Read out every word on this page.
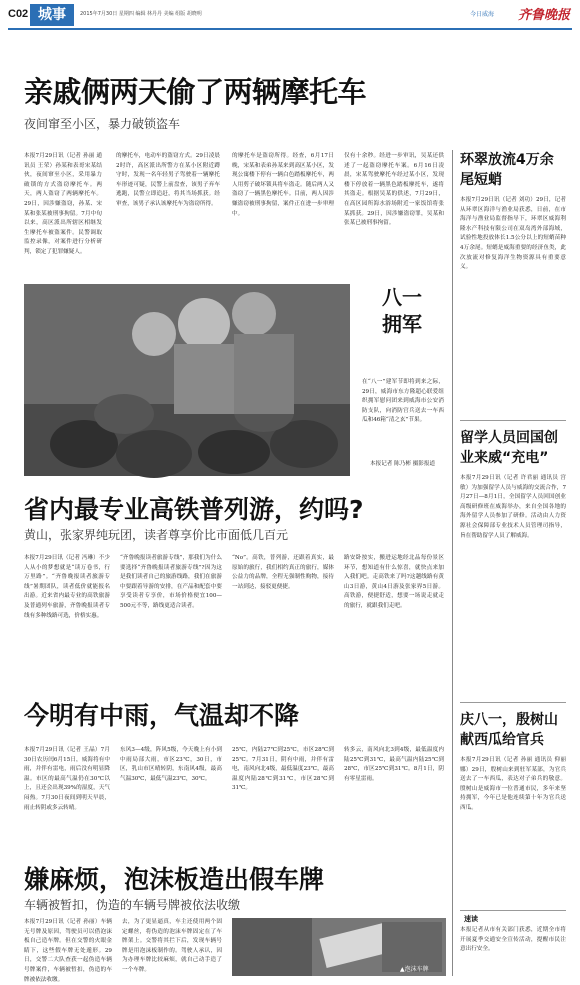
C02 城事	2015年7月30日 星期四 编辑 林丹丹 美编 组版 胡晓明	今日威海 齐鲁晚报
亲戚俩两天偷了两辆摩托车
夜间窜至小区，暴力破锁盗车
本报7月29日讯（记者 孙丽 通讯员 王荣）孙某和表哥宋某结伙，夜间窜至小区，采用暴力破锁的方式盗窃摩托车。两天，两人盗窃了两辆摩托车。29日，因涉嫌盗窃，孙某、宋某和张某被刑事拘留。7月中旬以来，高区派出所辖区相继发生摩托车被盗案件。民警调取监控录像，对案件进行分析研判，锁定了犯罪嫌疑人。
的摩托车，电动车的盗窃方式。29日凌晨2时许，高区派出所警方在某小区附近蹲守时，发现一名年轻男子驾驶着一辆摩托车形迹可疑，民警上前盘查，该男子弃车逃跑，民警立即追赶，将其当场抓获。经审查，该男子承认该摩托车为盗窃所得。
的摩托车是盗窃所得。经查，6月17日晚，宋某和表弟孙某来到高区某小区，发现公寓楼下停有一辆白色踏板摩托车，两人用剪子破坏锁具将车盗走。随后两人又盗窃了一辆黑色摩托车。目前，两人因涉嫌盗窃被刑事拘留，案件正在进一步审理中。
仅有十余秒。经进一步审讯，吴某还供述了一起盗窃摩托车案。6月16日凌晨，宋某驾驶摩托车经过某小区，发现楼下停放着一辆黑色踏板摩托车，遂将其盗走。根据吴某的供述，7月29日，在高区园所海水浴场附近一家饭馆将张某抓获。29日，因涉嫌盗窃罪，吴某和张某已被刑事拘留。
八一拥军
在“八一”建军节即将到来之际，29日，威海市东方隆超心联爱组织拥军慰问团来到威海市公安消防支队，向消防官兵送去一车西瓜和46箱“清之玄”节果。
本报记者 陈乃彬 摄影报道
省内最专业高铁普列游，约吗?
黄山，张家界纯玩团，读者尊享价比市面低几百元
本报7月29日讯（记者 冯琳）不少人从小的梦想就是“读万卷书，行万里路”。“齐鲁晚报读者旅游专线”暑期团队，读者低价就能报名出游。近来省内最专业的高铁旅游及普通列车旅游，齐鲁晚报读者专线有多种线路可选，价格实惠。
“齐鲁晚报读者旅游专线”，那我们为什么要选择“齐鲁晚报读者旅游专线”?因为这是我们读者自己的旅游线路，我们在旅游中要跟着导游的安排，在产品和配套中要享受读者专享价，市场价格便宜100—500元不等，路线更适合读者。
“No”。高铁，普列游，还跟着真实，最原始的旅行，我们相约真正的旅行，媒体公益力的品牌，全程无强制性购物，接待一站到达，接驳更便捷。
路安卧按实，搬进运地经北品每份景区环节，想知道有什么惊喜，就快点来加入我们吧。走高铁来了吗?这趟线路有黄山3日游，黄山4日游及张家界5日游。高铁游，便捷舒适，想要一场说走就走的旅行，就跟我们走吧。
今明有中雨，气温却不降
本报7月29日讯（记者 王晶）7月30日农历闰6月15日，威海将有中雨，并伴有雷电，雨后没有明显降温。市区的最高气温仍在30℃以上，且还会出现39%的湿度，天气闷热。7月30日夜间到明天早晨，雨止转阴或多云转晴。
东风3—4级，阵风5级，今天晚上有小到中雨局部大雨，市区23℃，30日，市区，乳山市区晴转阴，东南风4级，最高气温30℃，最低气温23℃，30℃。
25℃，内陆27℃到25℃，市区28℃到25℃。7月31日，阴有中雨，并伴有雷电，南风向北4级，最低温度23℃，最高温度内陆28℃到31℃，市区28℃到31℃。
转多云，南风向北3到4级，最低温度内陆25℃到31℃，最高气温内陆25℃到28℃，市区25℃到31℃。8月1日，阴有零星雷雨。
嫌麻烦，泡沫板造出假车牌
车辆被暂扣，伪造的车辆号牌被依法收缴
本报7月29日讯（记者 孙丽）车辆无号牌及原因，驾驶员可以借泡沫板自己造车牌。但在交警的火眼金睛下，这些假车牌无处遁形。29日，交警二大队查获一起伪造车辆号牌案件，车辆被暂扣，伪造的车牌被依法收缴。
去，为了更显逼真，车主还使用两个固定螺丝，将伪造的泡沫车牌固定在了车牌架上。交警将其拦下后，发现车辆号牌是用泡沫板制作的。驾驶人承认，因为办理车牌比较麻烦，就自己动手造了一个车牌。	▲泡沫车牌
环翠放流4万余尾短蛸
本报7月29日讯（记者 刘功）29日，记者从环翠区海洋与渔业局获悉，日前，在市海洋与渔业局监督指导下，环翠区威海利隆水产科技有限公司在双岛湾外部海域，试验性地投放体长1.5公分以上的短蛸苗种4万余尾。短蛸是威海重要的经济鱼类，此次放流对修复海洋生物资源具有重要意义。
留学人员回国创业来威“充电”
本报7月29日讯（记者 许君丽 通讯员 宫敏）为加强留学人员与威海的交流合作，7月27日—8月1日，全国留学人员回国创业高级研修班在威海举办，来自全国各地的海外留学人员参加了研修。活动由人力资源社会保障部专业技术人员管理司指导，旨在帮助留学人员了解威海。
庆八一，殷树山献西瓜给官兵
本报7月29日讯（记者 孙丽 通讯员 仰丽娜）29日，殷树山来到驻军某部，为官兵送去了一车西瓜，表达对子弟兵的敬意。殷树山是威海市一位普通市民，多年来坚持拥军，今年已是他连续第十年为官兵送西瓜。
速读
本报记者从市有关部门获悉，近期全市将开展夏季交通安全宣传活动，提醒市民注意出行安全。
